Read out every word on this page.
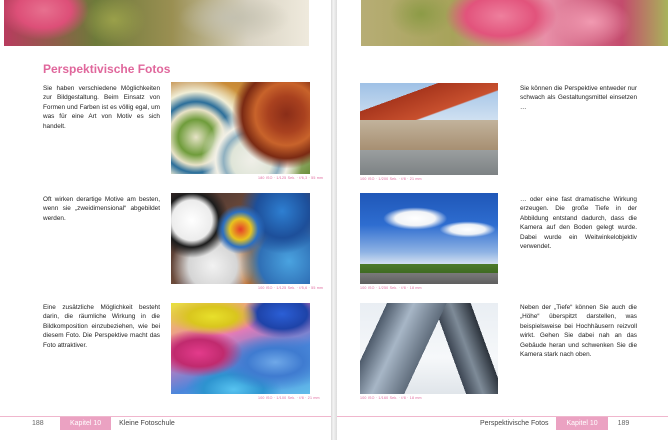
Perspektivische Fotos

Sie haben verschiedene Möglichkeiten zur Bildgestaltung. Beim Einsatz von Formen und Farben ist es völlig egal, um was für eine Art von Motiv es sich handelt.

Oft wirken derartige Motive am besten, wenn sie „zweidimensional“ abgebildet werden.

Eine zusätzliche Möglichkeit besteht darin, die räumliche Wirkung in die Bildkomposition einzubeziehen, wie bei diesem Foto. Die Perspektive macht das Foto attraktiver.

180 ISO · 1/125 Sek. · f/6,3 · 55 mm
100 ISO · 1/125 Sek. · f/5,6 · 55 mm
100 ISO · 1/100 Sek. · f/8 · 21 mm
100 ISO · 1/200 Sek. · f/8 · 21 mm
100 ISO · 1/250 Sek. · f/8 · 18 mm
100 ISO · 1/160 Sek. · f/8 · 18 mm

Sie können die Perspektive entweder nur schwach als Gestaltungsmittel einsetzen …

… oder eine fast dramatische Wirkung erzeugen. Die große Tiefe in der Abbildung entstand dadurch, dass die Kamera auf den Boden gelegt wurde. Dabei wurde ein Weitwinkelobjektiv verwendet.

Neben der „Tiefe“ können Sie auch die „Höhe“ überspitzt darstellen, was beispielsweise bei Hochhäusern reizvoll wirkt. Gehen Sie dabei nah an das Gebäude heran und schwenken Sie die Kamera stark nach oben.

188	Kapitel 10	Kleine Fotoschule	Perspektivische Fotos	Kapitel 10	189
